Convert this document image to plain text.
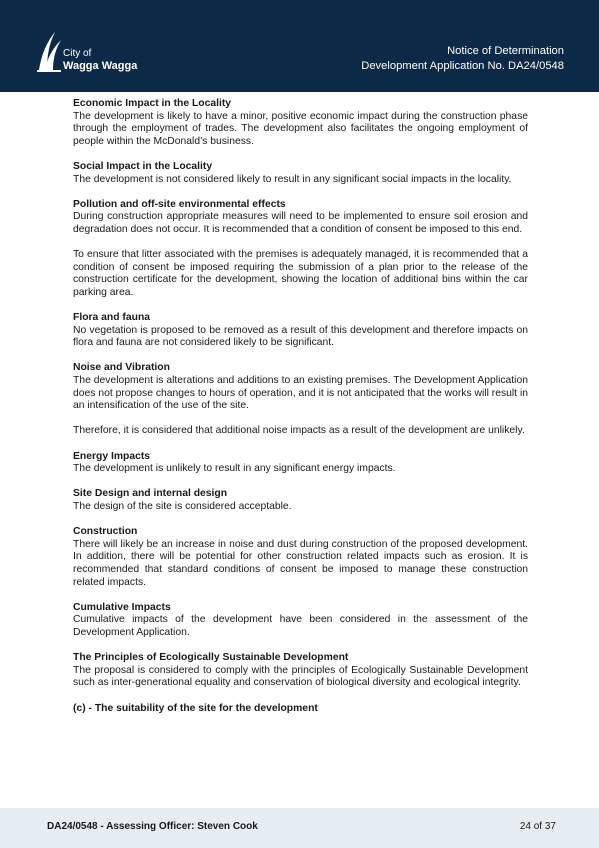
City of
Wagga Wagga
Notice of Determination
Development Application No. DA24/0548
Economic Impact in the Locality

The development is likely to have a minor, positive economic impact during the construction phase through the employment of trades. The development also facilitates the ongoing employment of people within the McDonald’s business.

Social Impact in the Locality

The development is not considered likely to result in any significant social impacts in the locality.

Pollution and off-site environmental effects

During construction appropriate measures will need to be implemented to ensure soil erosion and degradation does not occur. It is recommended that a condition of consent be imposed to this end.

To ensure that litter associated with the premises is adequately managed, it is recommended that a condition of consent be imposed requiring the submission of a plan prior to the release of the construction certificate for the development, showing the location of additional bins within the car parking area.

Flora and fauna

No vegetation is proposed to be removed as a result of this development and therefore impacts on flora and fauna are not considered likely to be significant.

Noise and Vibration

The development is alterations and additions to an existing premises. The Development Application does not propose changes to hours of operation, and it is not anticipated that the works will result in an intensification of the use of the site.

Therefore, it is considered that additional noise impacts as a result of the development are unlikely.

Energy Impacts

The development is unlikely to result in any significant energy impacts.

Site Design and internal design

The design of the site is considered acceptable.

Construction

There will likely be an increase in noise and dust during construction of the proposed development. In addition, there will be potential for other construction related impacts such as erosion. It is recommended that standard conditions of consent be imposed to manage these construction related impacts.

Cumulative Impacts

Cumulative impacts of the development have been considered in the assessment of the Development Application.

The Principles of Ecologically Sustainable Development

The proposal is considered to comply with the principles of Ecologically Sustainable Development such as inter-generational equality and conservation of biological diversity and ecological integrity.

(c) - The suitability of the site for the development
DA24/0548 - Assessing Officer: Steven Cook	24 of 37
